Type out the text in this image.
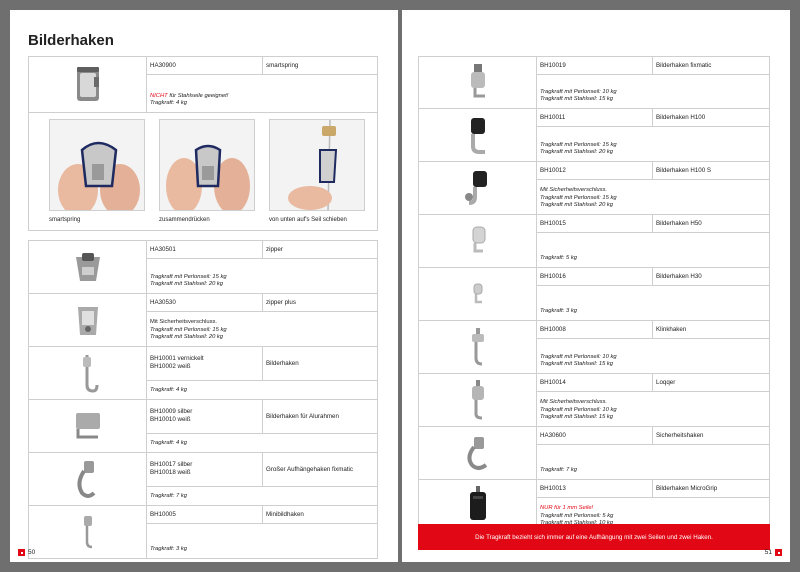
Bilderhaken
HA30900	smartspring
NICHT für Stahlseile geeignet!
Tragkraft: 4 kg
smartspring	zusammendrücken	von unten auf's Seil schieben
HA30501	zipper
Tragkraft mit Perlonseil: 15 kg
Tragkraft mit Stahlseil: 20 kg
HA30530	zipper plus
Mit Sicherheitsverschluss.
Tragkraft mit Perlonseil: 15 kg
Tragkraft mit Stahlseil: 20 kg
BH10001 vernickelt
BH10002 weiß	Bilderhaken
Tragkraft: 4 kg
BH10009 silber
BH10010 weiß	Bilderhaken für Alurahmen
Tragkraft: 4 kg
BH10017 silber
BH10018 weiß	Großer Aufhängehaken fixmatic
Tragkraft: 7 kg
BH10005	Minibildhaken
Tragkraft: 3 kg
50
BH10019	Bilderhaken fixmatic
Tragkraft mit Perlonseil: 10 kg
Tragkraft mit Stahlseil: 15 kg
BH10011	Bilderhaken H100
Tragkraft mit Perlonseil: 15 kg
Tragkraft mit Stahlseil: 20 kg
BH10012	Bilderhaken H100 S
Mit Sicherheitsverschluss.
Tragkraft mit Perlonseil: 15 kg
Tragkraft mit Stahlseil: 20 kg
BH10015	Bilderhaken H50
Tragkraft: 5 kg
BH10016	Bilderhaken H30
Tragkraft: 3 kg
BH10008	Klinkhaken
Tragkraft mit Perlonseil: 10 kg
Tragkraft mit Stahlseil: 15 kg
BH10014	Loqqer
Mit Sicherheitsverschluss.
Tragkraft mit Perlonseil: 10 kg
Tragkraft mit Stahlseil: 15 kg
HA30600	Sicherheitshaken
Tragkraft: 7 kg
BH10013	Bilderhaken MicroGrip
NUR für 1 mm Seile!
Tragkraft mit Perlonseil: 5 kg
Die Tragkraft bezieht sich immer auf eine Aufhängung mit zwei Seilen und zwei Haken.
51
